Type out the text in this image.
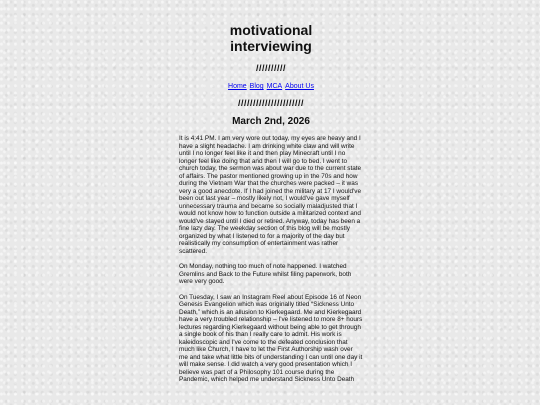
motivational
interviewing
//////////
Home Blog MCA About Us
//////////////////////
March 2nd, 2026

It is 4:41 PM. I am very wore out today, my eyes are heavy and I have a slight headache. I am drinking white claw and will write until I no longer feel like it and then play Minecraft until I no longer feel like doing that and then I will go to bed. I went to church today, the sermon was about war due to the current state of affairs. The pastor mentioned growing up in the 70s and how during the Vietnam War that the churches were packed – it was very a good anecdote. If I had joined the military at 17 I would've been out last year – mostly likely not, I would've gave myself unnecessary trauma and became so socially maladjusted that I would not know how to function outside a militarized context and would've stayed until I died or retired. Anyway, today has been a fine lazy day. The weekday section of this blog will be mostly organized by what I listened to for a majority of the day but realistically my consumption of entertainment was rather scattered.

On Monday, nothing too much of note happened. I watched Gremlins and Back to the Future whilst filing paperwork, both were very good.

On Tuesday, I saw an Instagram Reel about Episode 16 of Neon Genesis Evangelion which was originally titled “Sickness Unto Death,” which is an allusion to Kierkegaard. Me and Kierkegaard have a very troubled relationship – I've listened to more 8+ hours lectures regarding Kierkegaard without being able to get through a single book of his than I really care to admit. His work is kaleidoscopic and I've come to the defeated conclusion that much like Church, I have to let the First Authorship wash over me and take what little bits of understanding I can until one day it will make sense. I did watch a very good presentation which I believe was part of a Philosophy 101 course during the Pandemic, which helped me understand Sickness Unto Death
